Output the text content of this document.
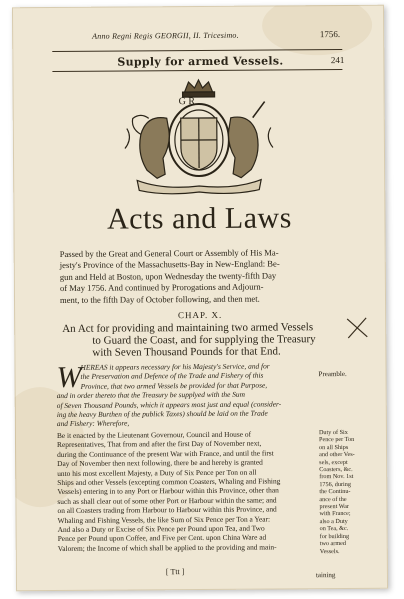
Anno Regni Regis GEORGII, II. Tricesimo.	1756.
Supply for armed Vessels.	241
G R
Acts and Laws
Passed by the Great and General Court or Assembly of His Ma-
jesty's Province of the Massachusetts-Bay in New-England: Be-
gun and Held at Boston, upon Wednesday the twenty-fifth Day
of May 1756. And continued by Prorogations and Adjourn-
ment, to the fifth Day of October following, and then met.
CHAP. X.
An Act for providing and maintaining two armed Vessels
to Guard the Coast, and for supplying the Treasury
with Seven Thousand Pounds for that End.
W
HEREAS it appears necessary for his Majesty's Service, and for
the Preservation and Defence of the Trade and Fishery of this
Province, that two armed Vessels be provided for that Purpose,
and in order thereto that the Treasury be supplyed with the Sum
of Seven Thousand Pounds, which it appears most just and equal (consider-
ing the heavy Burthen of the publick Taxes) should be laid on the Trade
and Fishery: Wherefore,
Be it enacted by the Lieutenant Governour, Council and House of
Representatives, That from and after the first Day of November next,
during the Continuance of the present War with France, and until the first
Day of November then next following, there be and hereby is granted
unto his most excellent Majesty, a Duty of Six Pence per Ton on all
Ships and other Vessels (excepting common Coasters, Whaling and Fishing
Vessels) entering in to any Port or Harbour within this Province, other than
such as shall clear out of some other Port or Harbour within the same; and
on all Coasters trading from Harbour to Harbour within this Province, and
Whaling and Fishing Vessels, the like Sum of Six Pence per Ton a Year:
And also a Duty or Excise of Six Pence per Pound upon Tea, and Two
Pence per Pound upon Coffee, and Five per Cent. upon China Ware ad
Valorem; the Income of which shall be applied to the providing and main-
Preamble.
Duty of Six
Pence per Ton
on all Ships
and other Ves-
sels, except
Coasters, &c.
from Nov. 1st
1756, during
the Continu-
ance of the
present War
with France;
also a Duty
on Tea, &c.
for building
two armed
Vessels.
[ Ttt ]	taining
